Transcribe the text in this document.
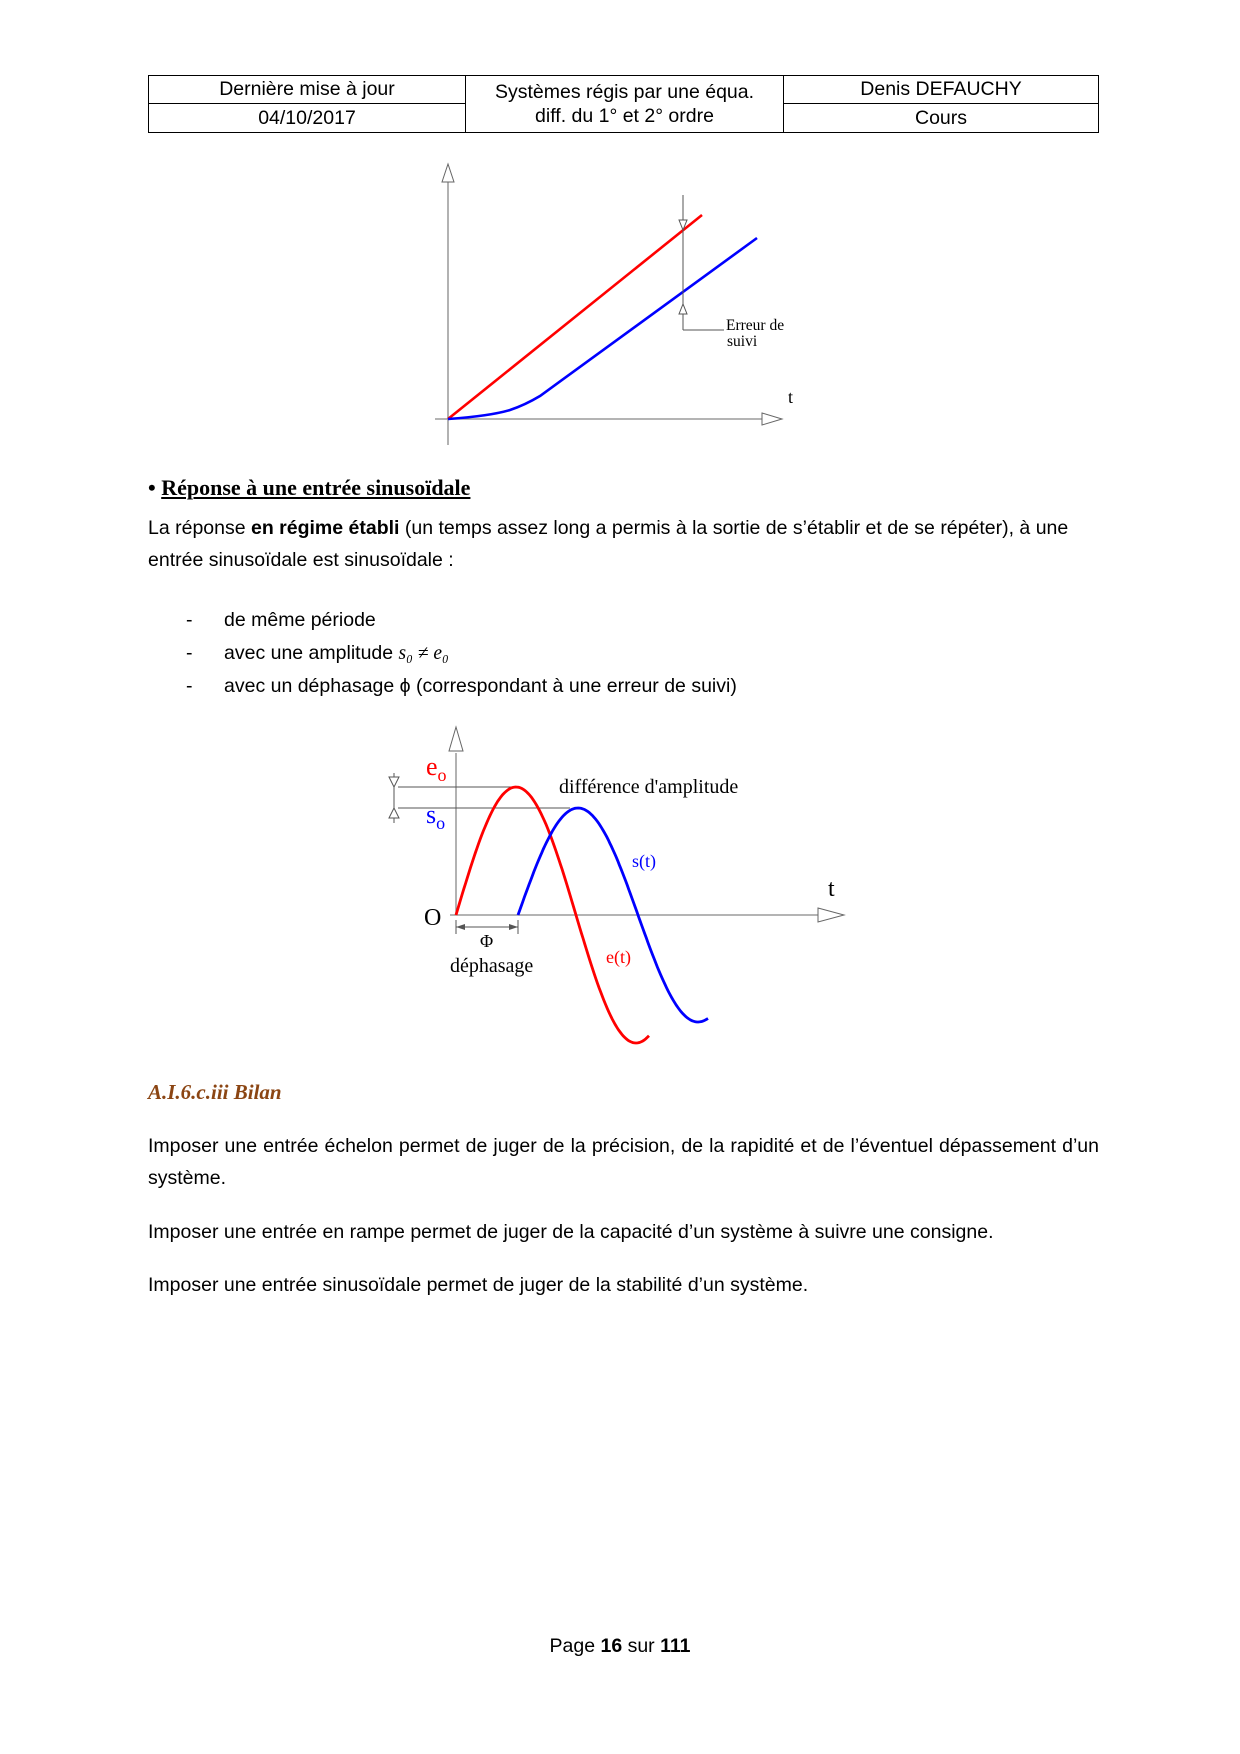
Dernière mise à jour
04/10/2017
Systèmes régis par une équa.
diff. du 1° et 2° ordre
Denis DEFAUCHY
Cours
Erreur de
suivi
t
• Réponse à une entrée sinusoïdale
La réponse en régime établi (un temps assez long a permis à la sortie de s’établir et de se répéter), à une entrée sinusoïdale est sinusoïdale :
- de même période
- avec une amplitude s₀ ≠ e₀
- avec un déphasage ϕ (correspondant à une erreur de suivi)
$e_o$
$s_o$
différence d'amplitude
s(t)
e(t)
t
O
Φ
déphasage
A.I.6.c.iii Bilan
Imposer une entrée échelon permet de juger de la précision, de la rapidité et de l’éventuel dépassement d’un système.
Imposer une entrée en rampe permet de juger de la capacité d’un système à suivre une consigne.
Imposer une entrée sinusoïdale permet de juger de la stabilité d’un système.
Page 16 sur 111
